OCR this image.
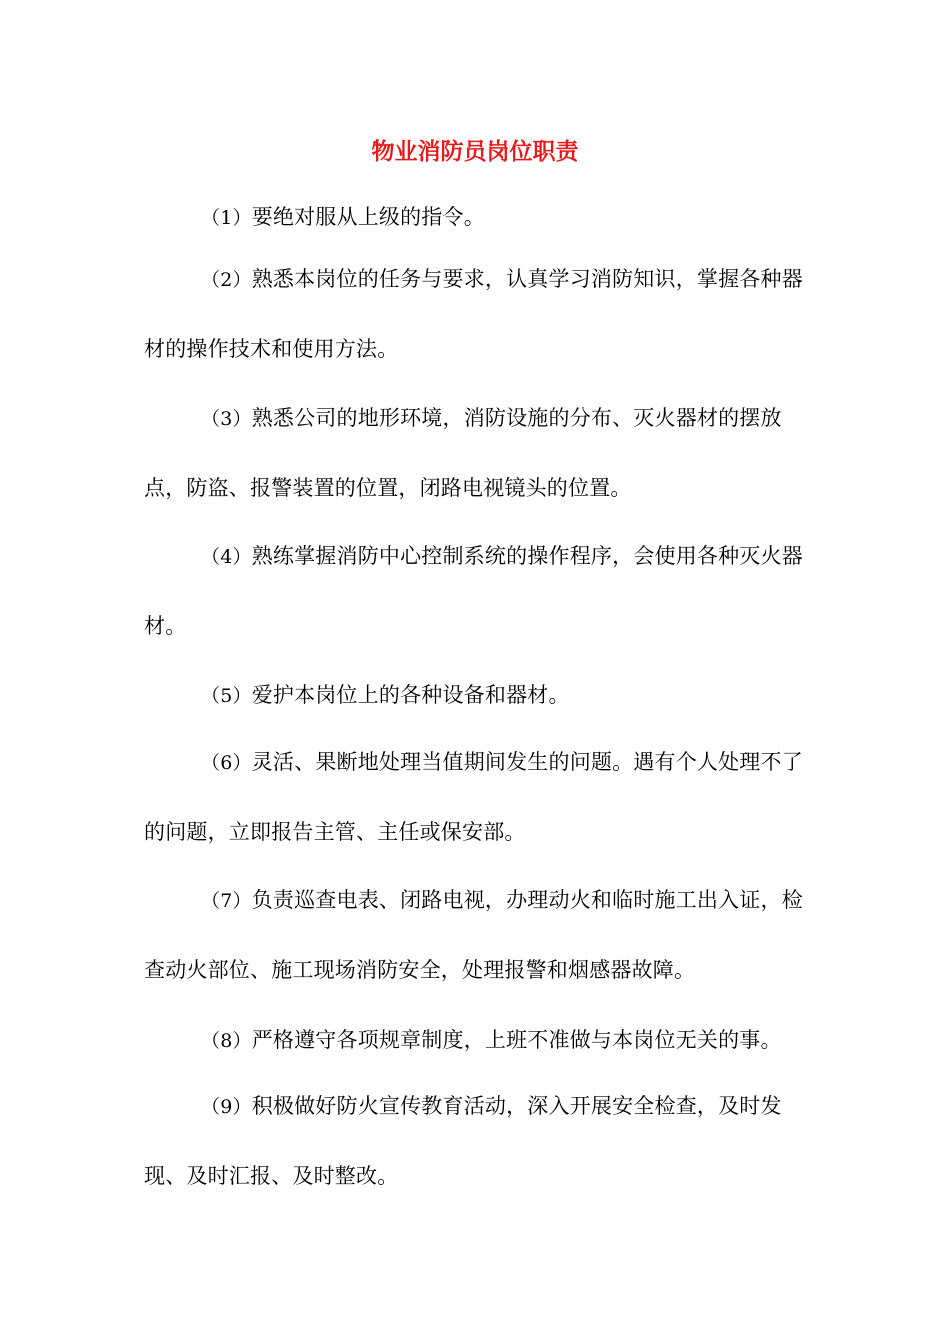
物业消防员岗位职责

（1）要绝对服从上级的指令。

（2）熟悉本岗位的任务与要求，认真学习消防知识，掌握各种器材的操作技术和使用方法。

（3）熟悉公司的地形环境，消防设施的分布、灭火器材的摆放点，防盗、报警装置的位置，闭路电视镜头的位置。

（4）熟练掌握消防中心控制系统的操作程序，会使用各种灭火器材。

（5）爱护本岗位上的各种设备和器材。

（6）灵活、果断地处理当值期间发生的问题。遇有个人处理不了的问题，立即报告主管、主任或保安部。

（7）负责巡查电表、闭路电视，办理动火和临时施工出入证，检查动火部位、施工现场消防安全，处理报警和烟感器故障。

（8）严格遵守各项规章制度，上班不准做与本岗位无关的事。

（9）积极做好防火宣传教育活动，深入开展安全检查，及时发现、及时汇报、及时整改。
